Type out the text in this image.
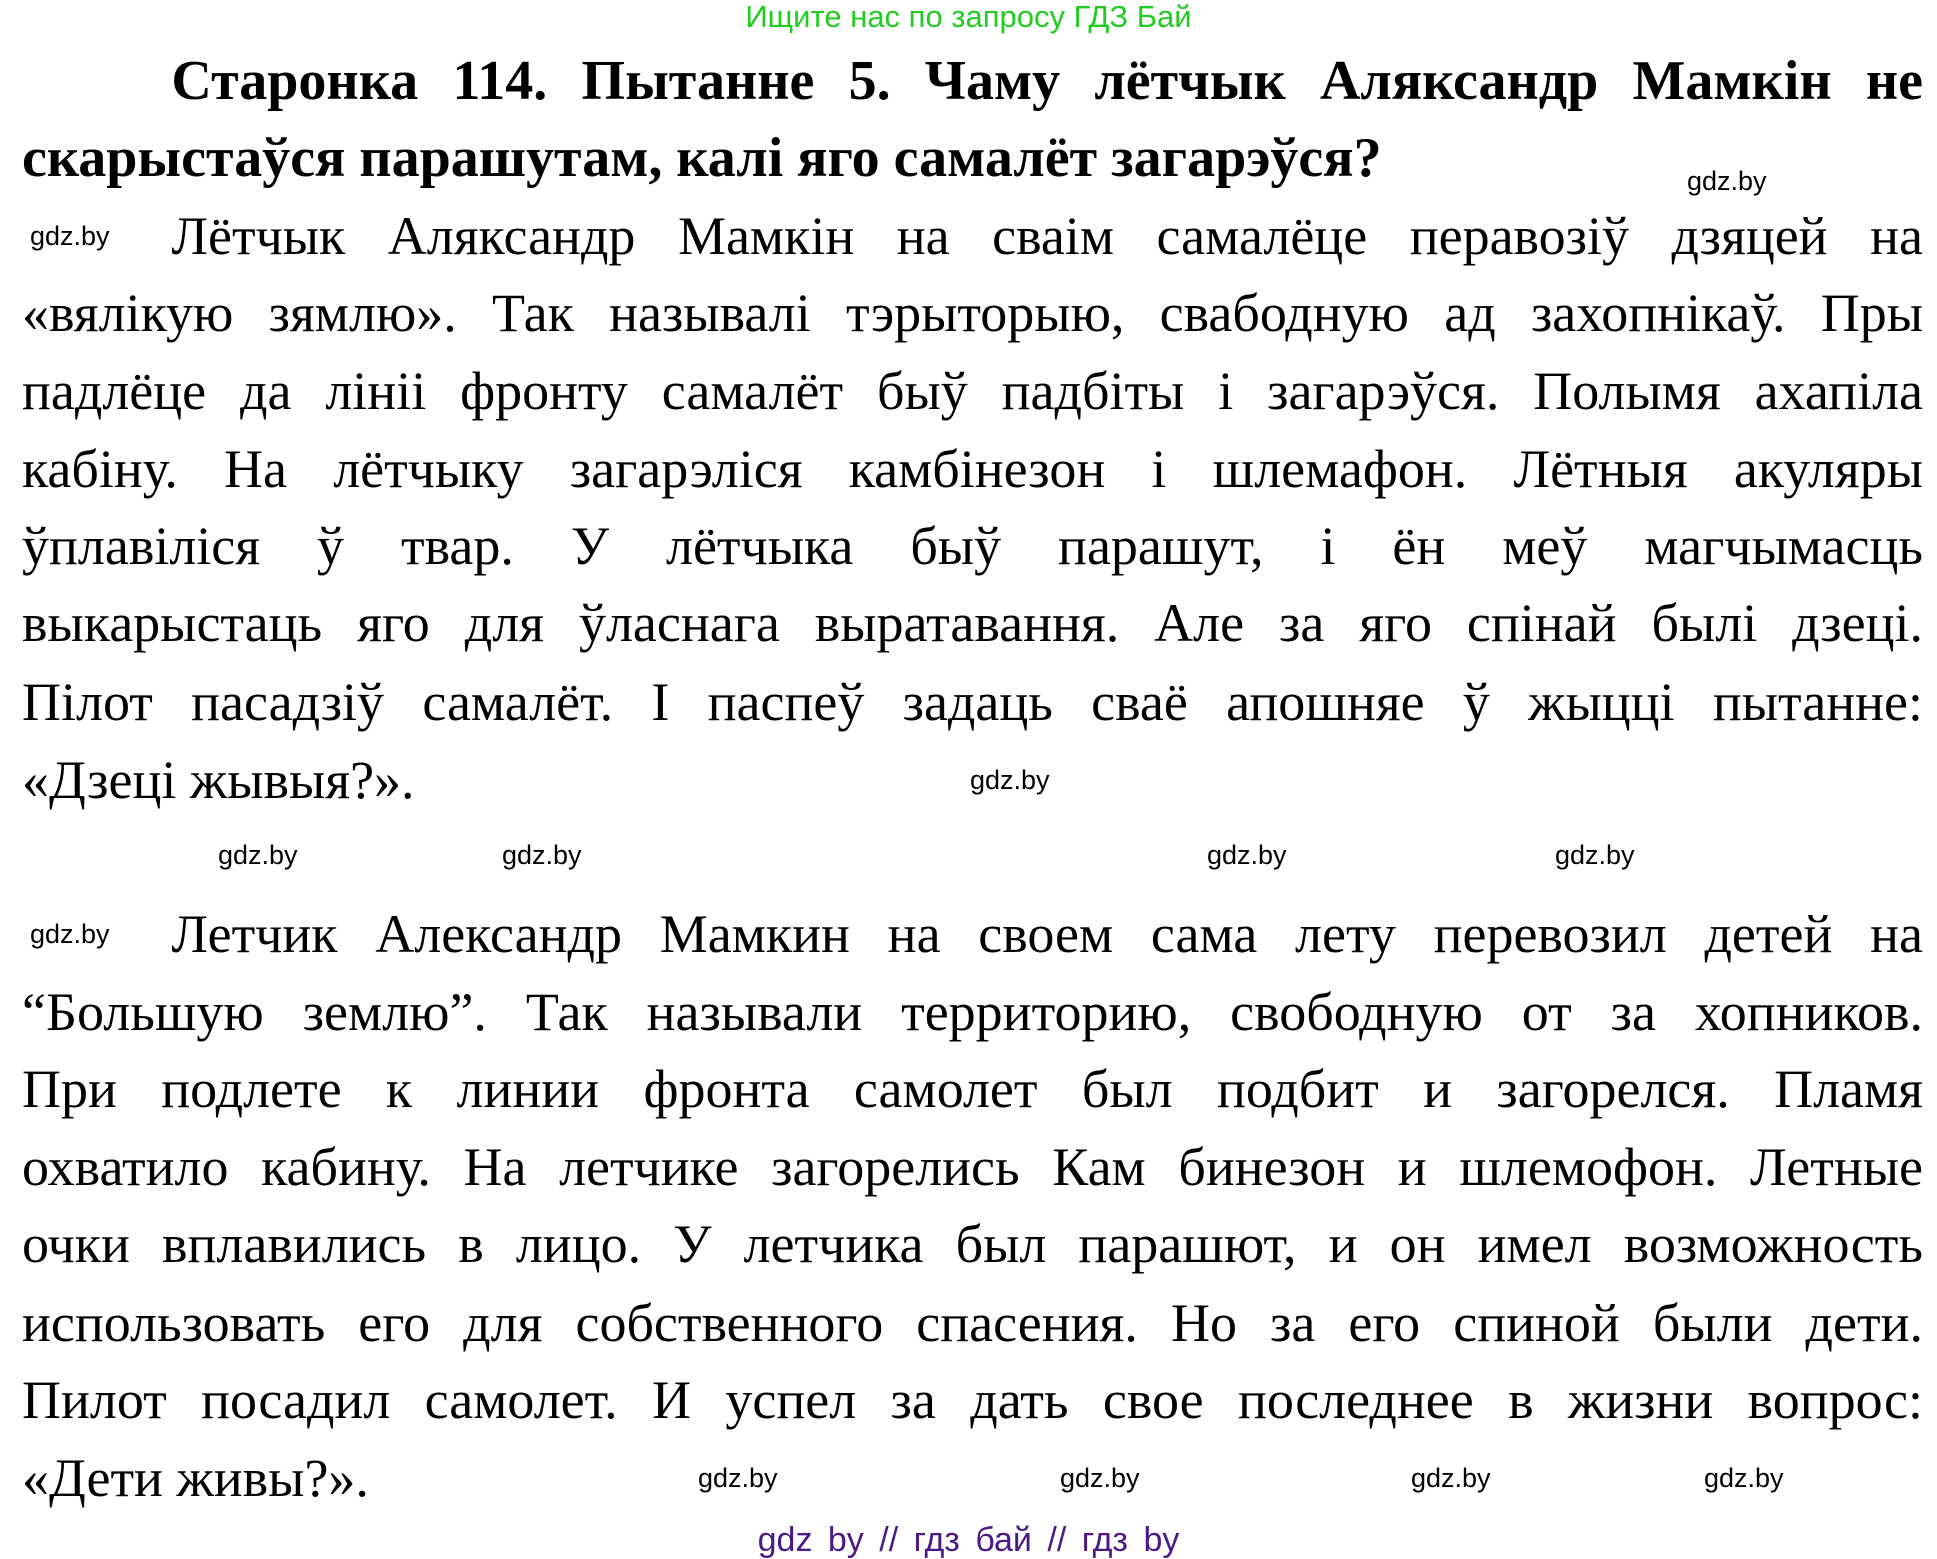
Ищите нас по запросу ГДЗ Бай
Старонка 114. Пытанне 5. Чаму лётчык Аляксандр Мамкін не
скарыстаўся парашутам, калі яго самалёт загарэўся?
Лётчык Аляксандр Мамкін на сваім самалёце перавозіў дзяцей на
«вялікую зямлю». Так называлі тэрыторыю, свабодную ад захопнікаў. Пры
падлёце да лініі фронту самалёт быў падбіты і загарэўся. Полымя ахапіла
кабіну. На лётчыку загарэліся камбінезон і шлемафон. Лётныя акуляры
ўплавіліся ў твар. У лётчыка быў парашут, і ён меў магчымасць
выкарыстаць яго для ўласнага выратавання. Але за яго спінай былі дзеці.
Пілот пасадзіў самалёт. І паспеў задаць сваё апошняе ў жыцці пытанне:
«Дзеці жывыя?».
Летчик Александр Мамкин на своем сама лету перевозил детей на
“Большую землю”. Так называли территорию, свободную от за хопников.
При подлете к линии фронта самолет был подбит и загорелся. Пламя
охватило кабину. На летчике загорелись Кам бинезон и шлемофон. Летные
очки вплавились в лицо. У летчика был парашют, и он имел возможность
использовать его для собственного спасения. Но за его спиной были дети.
Пилот посадил самолет. И успел за дать свое последнее в жизни вопрос:
«Дети живы?».
gdz.by
gdz.by
gdz.by
gdz.by	gdz.by	gdz.by	gdz.by
gdz.by
gdz.by	gdz.by	gdz.by	gdz.by
gdz by // гдз бай // гдз by
